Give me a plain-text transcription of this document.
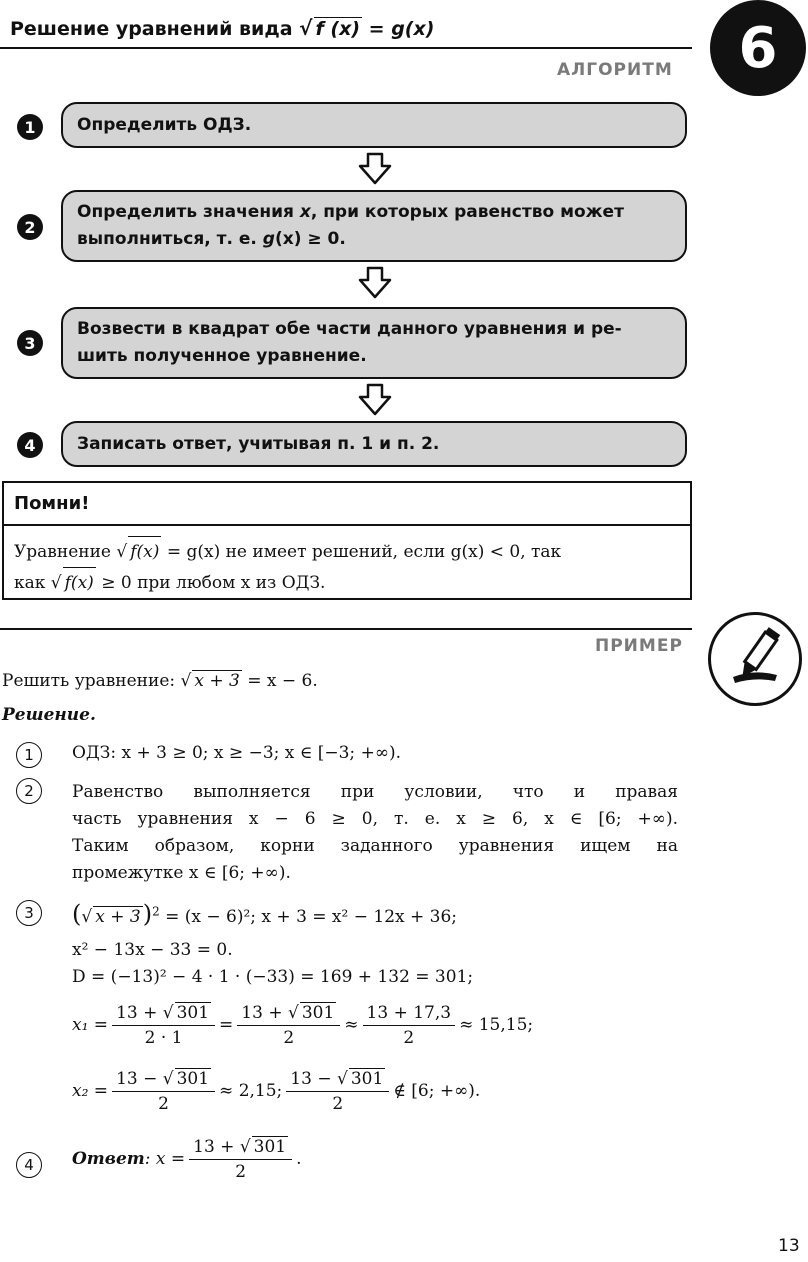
Решение уравнений вида √ f (x) = g(x)	6
АЛГОРИТМ
1	Определить ОДЗ.
2
Определить значения x, при которых равенство может
выполниться, т. е. g(x) ≥ 0.
3
Возвести в квадрат обе части данного уравнения и ре-
шить полученное уравнение.
4	Записать ответ, учитывая п. 1 и п. 2.
Помни!
Уравнение √ f(x) = g(x) не имеет решений, если g(x) < 0, так
как √ f(x) ≥ 0 при любом x из ОДЗ.
ПРИМЕР
Решить уравнение: √ x + 3 = x − 6.
Решение.
1	ОДЗ: x + 3 ≥ 0; x ≥ −3; x ∈ [−3; +∞).
2	Равенство выполняется при условии, что и правая
часть уравнения x − 6 ≥ 0, т. е. x ≥ 6, x ∈ [6; +∞).
Таким образом, корни заданного уравнения ищем на
промежутке x ∈ [6; +∞).
3	(√ x + 3)$^2$ = (x − 6)²; x + 3 = x² − 12x + 36;
x² − 13x − 33 = 0.
D = (−13)² − 4 · 1 · (−33) = 169 + 132 = 301;
$x_1 = \frac{13 + √ 301}{2 \cdot 1} = \frac{13 + √ 301}{2} \approx \frac{13 + 17,3}{2} \approx 15,15$;
$x_2 = \frac{13 - √ 301}{2} \approx 2,15$; $\frac{13 - √ 301}{2}$ ∉ [6; +∞).
4	Ответ : $x = \frac{13 + √ 301}{2}$ .
13
